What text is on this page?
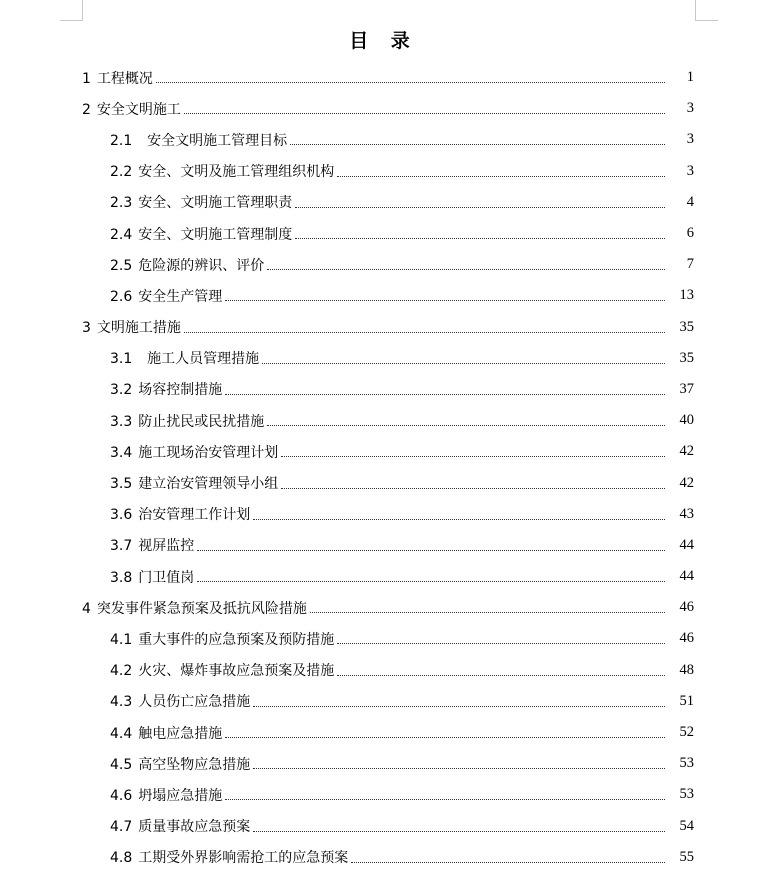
目 录
1 工程概况	1
2 安全文明施工	3
2.1  安全文明施工管理目标	3
2.2 安全、文明及施工管理组织机构	3
2.3 安全、文明施工管理职责	4
2.4 安全、文明施工管理制度	6
2.5 危险源的辨识、评价	7
2.6 安全生产管理	13
3 文明施工措施	35
3.1  施工人员管理措施	35
3.2 场容控制措施	37
3.3 防止扰民或民扰措施	40
3.4 施工现场治安管理计划	42
3.5 建立治安管理领导小组	42
3.6 治安管理工作计划	43
3.7 视屏监控	44
3.8 门卫值岗	44
4 突发事件紧急预案及抵抗风险措施	46
4.1 重大事件的应急预案及预防措施	46
4.2 火灾、爆炸事故应急预案及措施	48
4.3 人员伤亡应急措施	51
4.4 触电应急措施	52
4.5 高空坠物应急措施	53
4.6 坍塌应急措施	53
4.7 质量事故应急预案	54
4.8 工期受外界影响需抢工的应急预案	55
